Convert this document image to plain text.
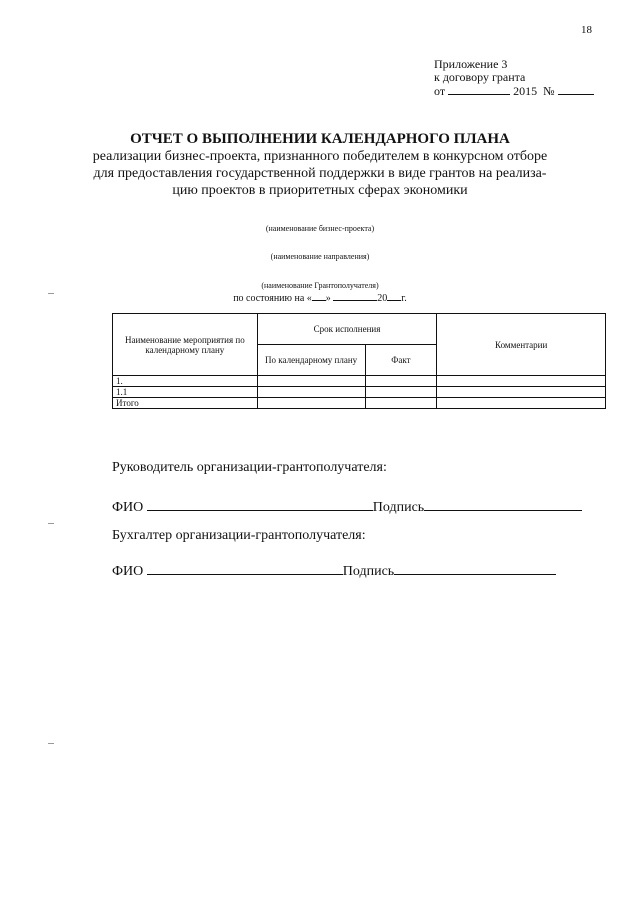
18
Приложение 3
к договору гранта
от	2015 №
ОТЧЕТ О ВЫПОЛНЕНИИ КАЛЕНДАРНОГО ПЛАНА
реализации бизнес-проекта, признанного победителем в конкурсном отборе
для предоставления государственной поддержки в виде грантов на реализа-
цию проектов в приоритетных сферах экономики
(наименование бизнес-проекта)
(наименование направления)
(наименование Грантополучателя)
по состоянию на « »	20 г.
Наименование мероприятия по календарному плану	Срок исполнения		Комментарии
	По календарному плану	Факт	
1.			
1.1			
Итого			
Руководитель организации-грантополучателя:
ФИО	Подпись
Бухгалтер организации-грантополучателя:
ФИО	Подпись
